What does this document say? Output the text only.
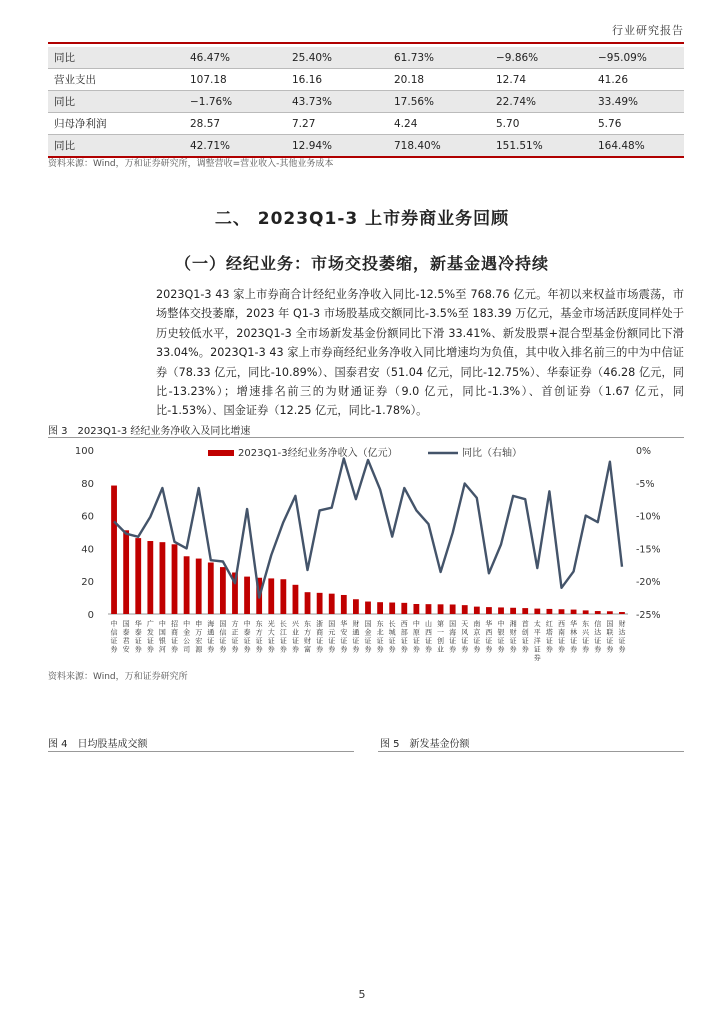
行业研究报告
同比	46.47%	25.40%	61.73%	−9.86%	−95.09%
营业支出	107.18	16.16	20.18	12.74	41.26
同比	−1.76%	43.73%	17.56%	22.74%	33.49%
归母净利润	28.57	7.27	4.24	5.70	5.76
同比	42.71%	12.94%	718.40%	151.51%	164.48%
资料来源：Wind，万和证券研究所，调整营收=营业收入-其他业务成本
二、 2023Q1-3 上市券商业务回顾
（一）经纪业务：市场交投萎缩，新基金遇冷持续

2023Q1-3 43 家上市券商合计经纪业务净收入同比-12.5%至 768.76 亿元。年初以来权益市场震荡，市场整体交投萎靡，2023 年 Q1-3 市场股基成交额同比-3.5%至 183.39 万亿元，基金市场活跃度同样处于历史较低水平，2023Q1-3 全市场新发基金份额同比下滑 33.41%、新发股票+混合型基金份额同比下滑 33.04%。2023Q1-3 43 家上市券商经纪业务净收入同比增速均为负值，其中收入排名前三的中为中信证券（78.33 亿元，同比-10.89%）、国泰君安（51.04 亿元，同比-12.75%）、华泰证券（46.28 亿元，同比-13.23%）；增速排名前三的为财通证券（9.0 亿元，同比-1.3%）、首创证券（1.67 亿元，同比-1.53%）、国金证券（12.25 亿元，同比-1.78%）。

图 3　2023Q1-3 经纪业务净收入及同比增速
0
20
40
60
80
100
-25%
-20%
-15%
-10%
-5%
0%
中信证券
国泰君安
华泰证券
广发证券
中国银河
招商证券
中金公司
申万宏源
海通证券
国信证券
方正证券
中泰证券
东方证券
光大证券
长江证券
兴业证券
东方财富
浙商证券
国元证券
华安证券
财通证券
国金证券
东北证券
长城证券
西部证券
中原证券
山西证券
第一创业
国海证券
天风证券
南京证券
华西证券
中银证券
湘财证券
首创证券
太平洋证券
红塔证券
西南证券
华林证券
东兴证券
信达证券
国联证券
财达证券
2023Q1-3经纪业务净收入（亿元）	同比（右轴）
资料来源：Wind，万和证券研究所
图 4　日均股基成交额	图 5　新发基金份额
5
